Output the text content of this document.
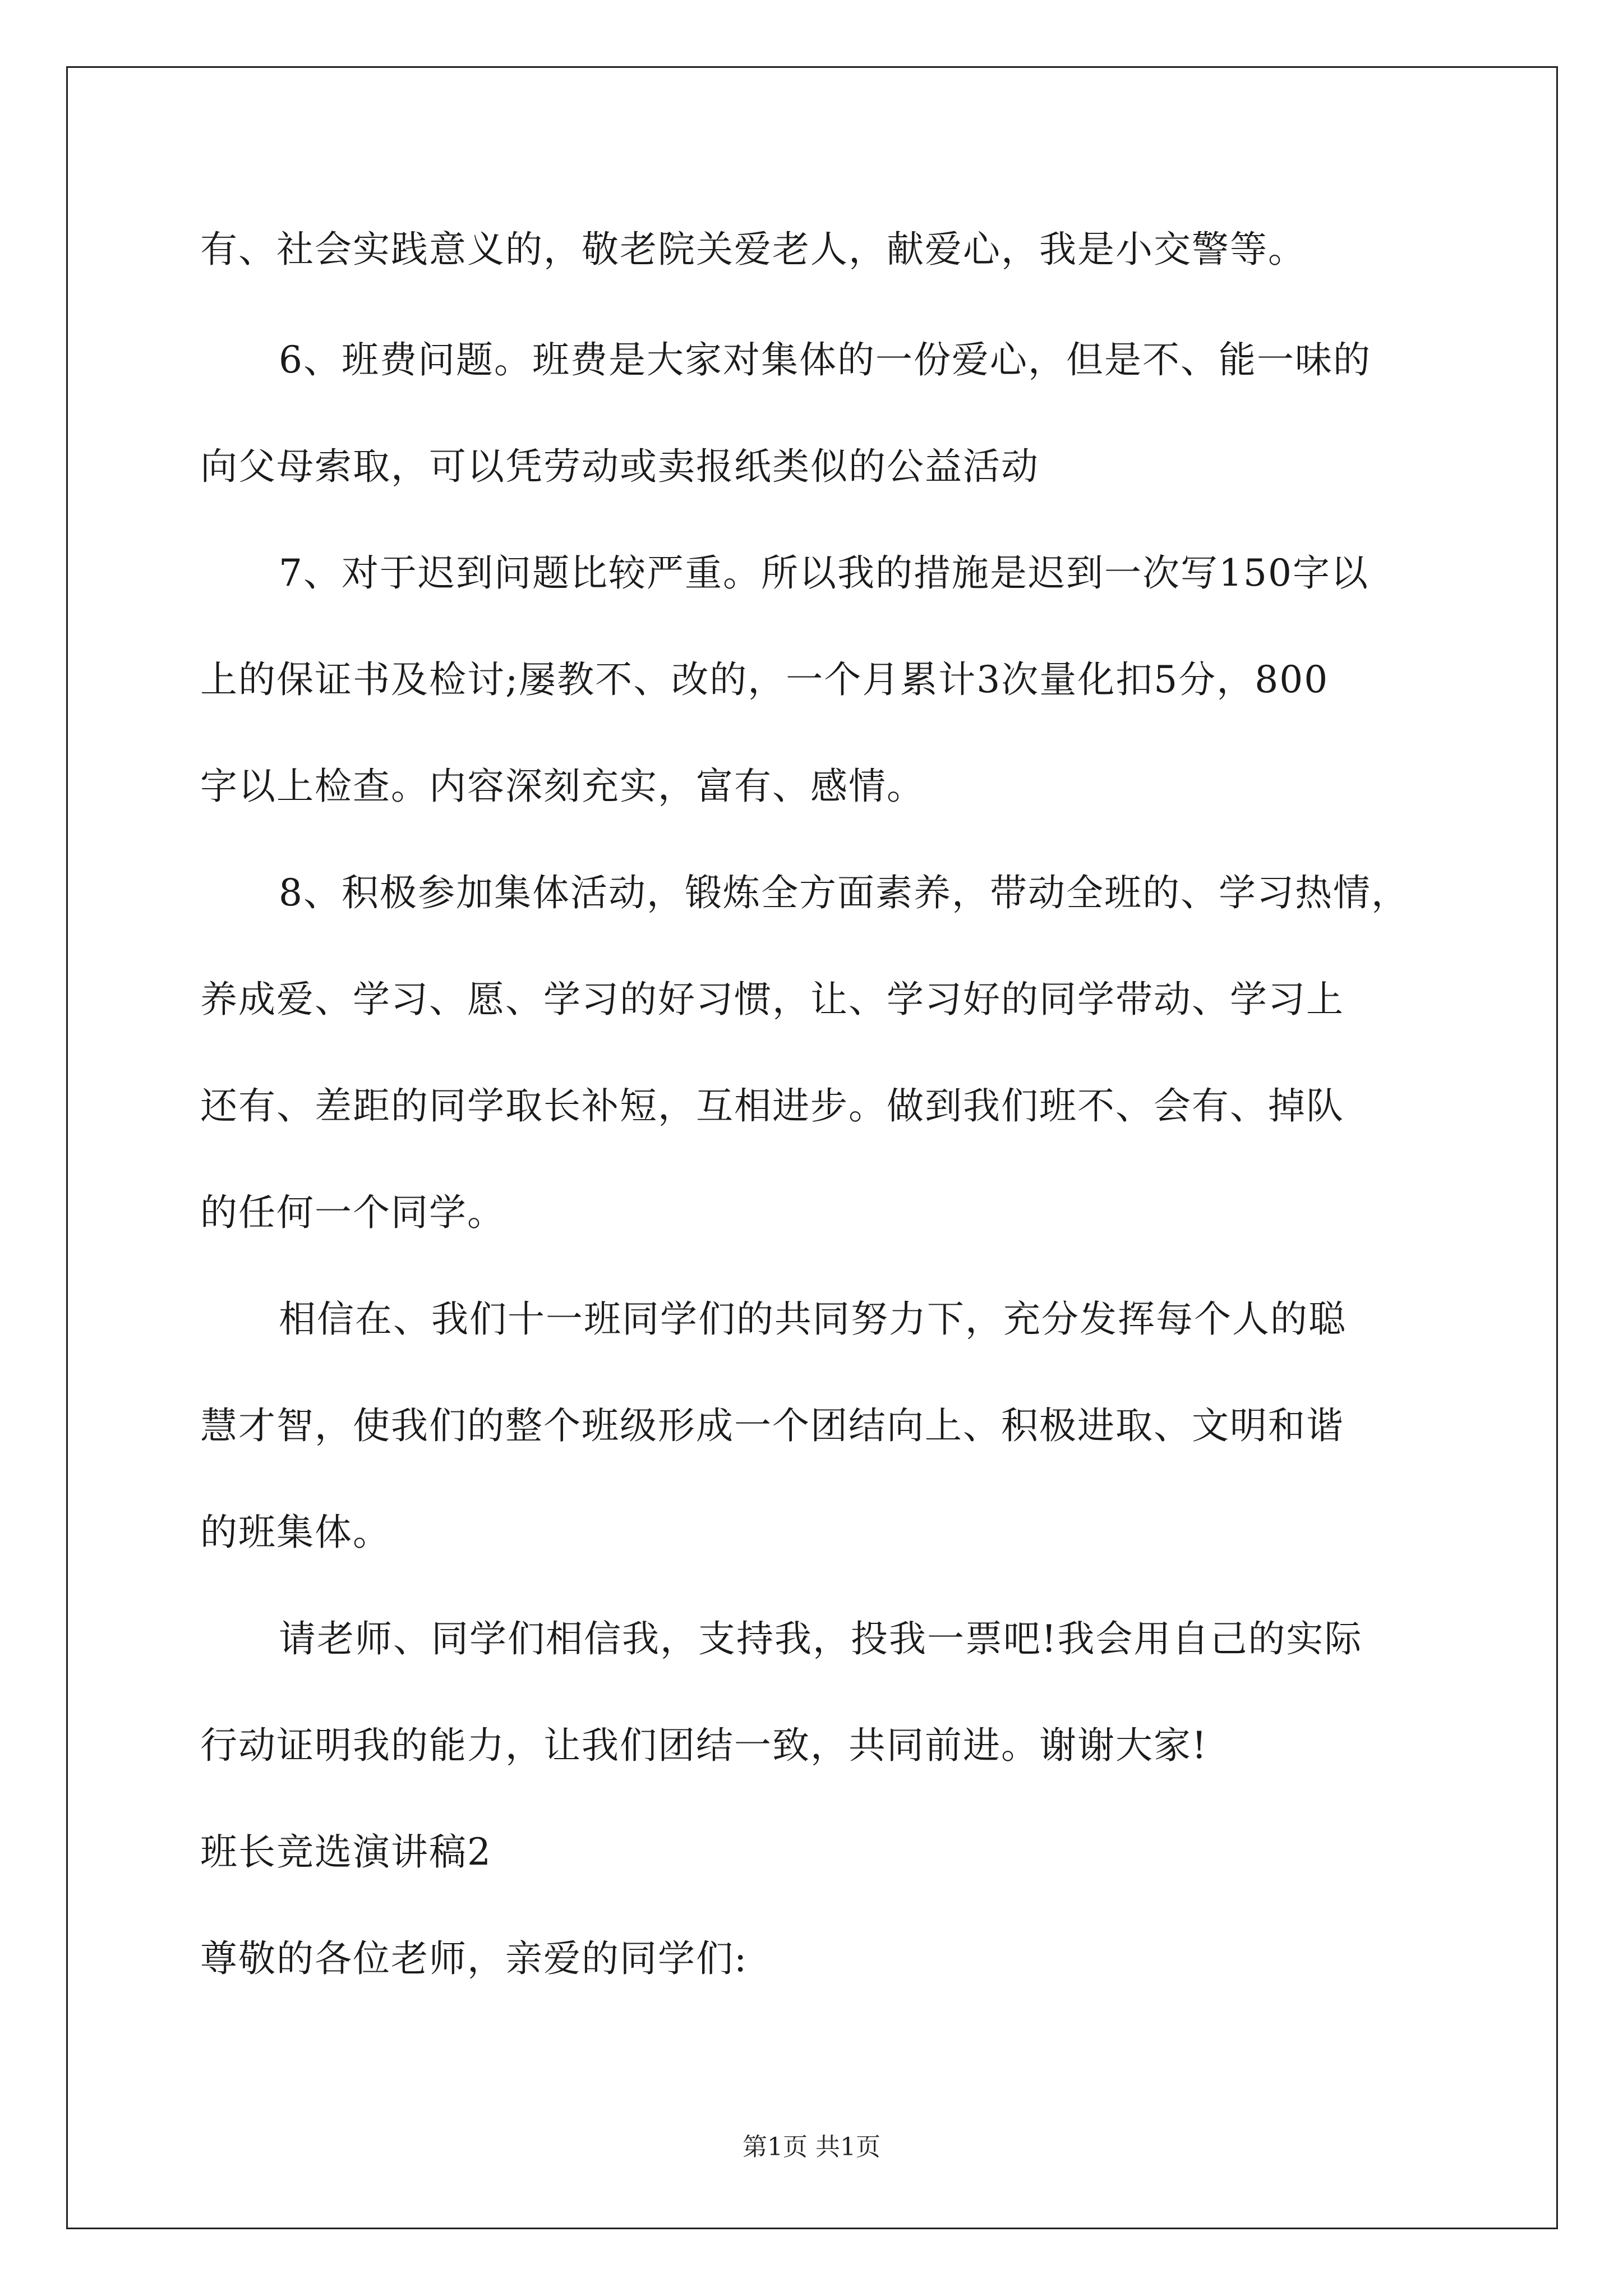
有、社会实践意义的，敬老院关爱老人，献爱心，我是小交警等。
6、班费问题。班费是大家对集体的一份爱心，但是不、能一味的
向父母索取，可以凭劳动或卖报纸类似的公益活动
7、对于迟到问题比较严重。所以我的措施是迟到一次写150字以
上的保证书及检讨;屡教不、改的，一个月累计3次量化扣5分，800
字以上检查。内容深刻充实，富有、感情。
8、积极参加集体活动，锻炼全方面素养，带动全班的、学习热情，
养成爱、学习、愿、学习的好习惯，让、学习好的同学带动、学习上
还有、差距的同学取长补短，互相进步。做到我们班不、会有、掉队
的任何一个同学。
相信在、我们十一班同学们的共同努力下，充分发挥每个人的聪
慧才智，使我们的整个班级形成一个团结向上、积极进取、文明和谐
的班集体。
请老师、同学们相信我，支持我，投我一票吧!我会用自己的实际
行动证明我的能力，让我们团结一致，共同前进。谢谢大家!
班长竞选演讲稿2
尊敬的各位老师，亲爱的同学们:
第1页 共1页
